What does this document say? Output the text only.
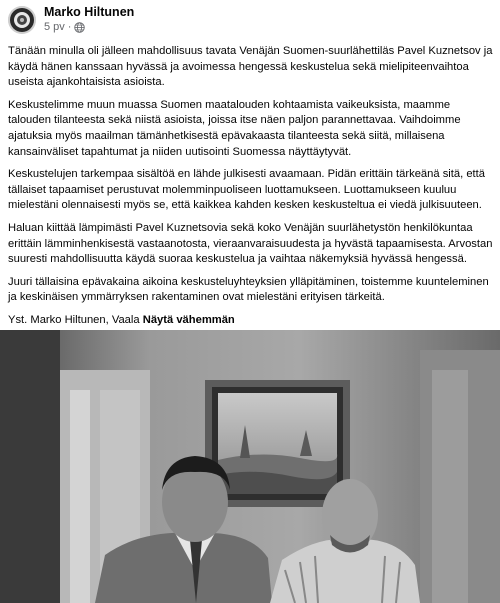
Marko Hiltunen
5 pv ·

Tänään minulla oli jälleen mahdollisuus tavata Venäjän Suomen-suurlähettiläs Pavel Kuznetsov ja käydä hänen kanssaan hyvässä ja avoimessa hengessä keskustelua sekä mielipiteenvaihtoa useista ajankohtaisista asioista.

Keskustelimme muun muassa Suomen maatalouden kohtaamista vaikeuksista, maamme talouden tilanteesta sekä niistä asioista, joissa itse näen paljon parannettavaa. Vaihdoimme ajatuksia myös maailman tämänhetkisestä epävakaasta tilanteesta sekä siitä, millaisena kansainväliset tapahtumat ja niiden uutisointi Suomessa näyttäytyvät.

Keskustelujen tarkempaa sisältöä en lähde julkisesti avaamaan. Pidän erittäin tärkeänä sitä, että tällaiset tapaamiset perustuvat molemminpuoliseen luottamukseen. Luottamukseen kuuluu mielestäni olennaisesti myös se, että kaikkea kahden kesken keskusteltua ei viedä julkisuuteen.

Haluan kiittää lämpimästi Pavel Kuznetsovia sekä koko Venäjän suurlähetystön henkilökuntaa erittäin lämminhenkisestä vastaanotosta, vieraanvaraisuudesta ja hyvästä tapaamisesta. Arvostan suuresti mahdollisuutta käydä suoraa keskustelua ja vaihtaa näkemyksiä hyvässä hengessä.

Juuri tällaisina epävakaina aikoina keskusteluyhteyksien ylläpitäminen, toistemme kuunteleminen ja keskinäisen ymmärryksen rakentaminen ovat mielestäni erityisen tärkeitä.

Yst. Marko Hiltunen, Vaala Näytä vähemmän
